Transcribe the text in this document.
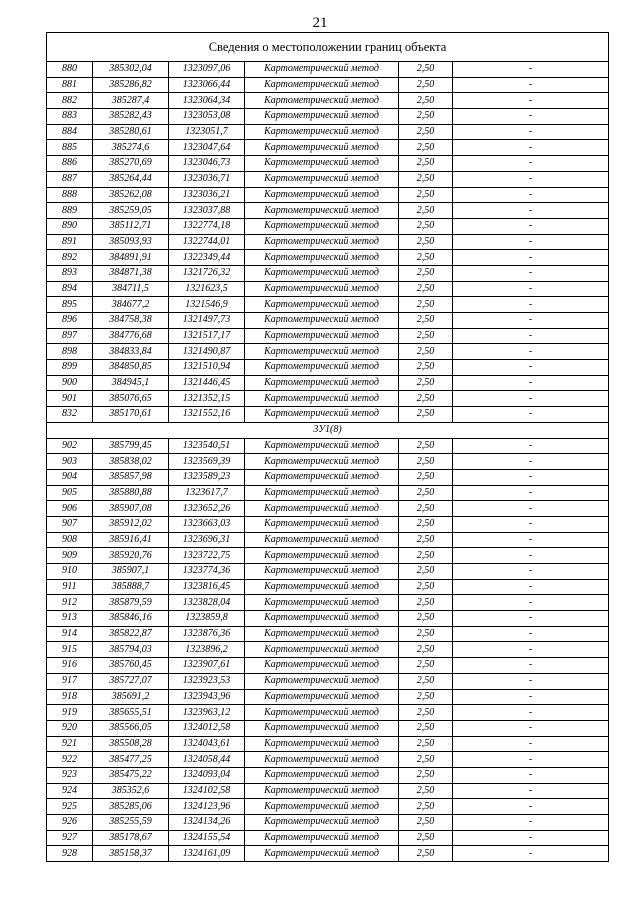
21
Сведения о местоположении границ объекта					
880	385302,04	1323097,06	Картометрический метод	2,50	-
881	385286,82	1323066,44	Картометрический метод	2,50	-
882	385287,4	1323064,34	Картометрический метод	2,50	-
883	385282,43	1323053,08	Картометрический метод	2,50	-
884	385280,61	1323051,7	Картометрический метод	2,50	-
885	385274,6	1323047,64	Картометрический метод	2,50	-
886	385270,69	1323046,73	Картометрический метод	2,50	-
887	385264,44	1323036,71	Картометрический метод	2,50	-
888	385262,08	1323036,21	Картометрический метод	2,50	-
889	385259,05	1323037,88	Картометрический метод	2,50	-
890	385112,71	1322774,18	Картометрический метод	2,50	-
891	385093,93	1322744,01	Картометрический метод	2,50	-
892	384891,91	1322349,44	Картометрический метод	2,50	-
893	384871,38	1321726,32	Картометрический метод	2,50	-
894	384711,5	1321623,5	Картометрический метод	2,50	-
895	384677,2	1321546,9	Картометрический метод	2,50	-
896	384758,38	1321497,73	Картометрический метод	2,50	-
897	384776,68	1321517,17	Картометрический метод	2,50	-
898	384833,84	1321490,87	Картометрический метод	2,50	-
899	384850,85	1321510,94	Картометрический метод	2,50	-
900	384945,1	1321446,45	Картометрический метод	2,50	-
901	385076,65	1321352,15	Картометрический метод	2,50	-
832	385170,61	1321552,16	Картометрический метод	2,50	-
3У1(8)					
902	385799,45	1323540,51	Картометрический метод	2,50	-
903	385838,02	1323569,39	Картометрический метод	2,50	-
904	385857,98	1323589,23	Картометрический метод	2,50	-
905	385880,88	1323617,7	Картометрический метод	2,50	-
906	385907,08	1323652,26	Картометрический метод	2,50	-
907	385912,02	1323663,03	Картометрический метод	2,50	-
908	385916,41	1323696,31	Картометрический метод	2,50	-
909	385920,76	1323722,75	Картометрический метод	2,50	-
910	385907,1	1323774,36	Картометрический метод	2,50	-
911	385888,7	1323816,45	Картометрический метод	2,50	-
912	385879,59	1323828,04	Картометрический метод	2,50	-
913	385846,16	1323859,8	Картометрический метод	2,50	-
914	385822,87	1323876,36	Картометрический метод	2,50	-
915	385794,03	1323896,2	Картометрический метод	2,50	-
916	385760,45	1323907,61	Картометрический метод	2,50	-
917	385727,07	1323923,53	Картометрический метод	2,50	-
918	385691,2	1323943,96	Картометрический метод	2,50	-
919	385655,51	1323963,12	Картометрический метод	2,50	-
920	385566,05	1324012,58	Картометрический метод	2,50	-
921	385508,28	1324043,61	Картометрический метод	2,50	-
922	385477,25	1324058,44	Картометрический метод	2,50	-
923	385475,22	1324093,04	Картометрический метод	2,50	-
924	385352,6	1324102,58	Картометрический метод	2,50	-
925	385285,06	1324123,96	Картометрический метод	2,50	-
926	385255,59	1324134,26	Картометрический метод	2,50	-
927	385178,67	1324155,54	Картометрический метод	2,50	-
928	385158,37	1324161,09	Картометрический метод	2,50	-
